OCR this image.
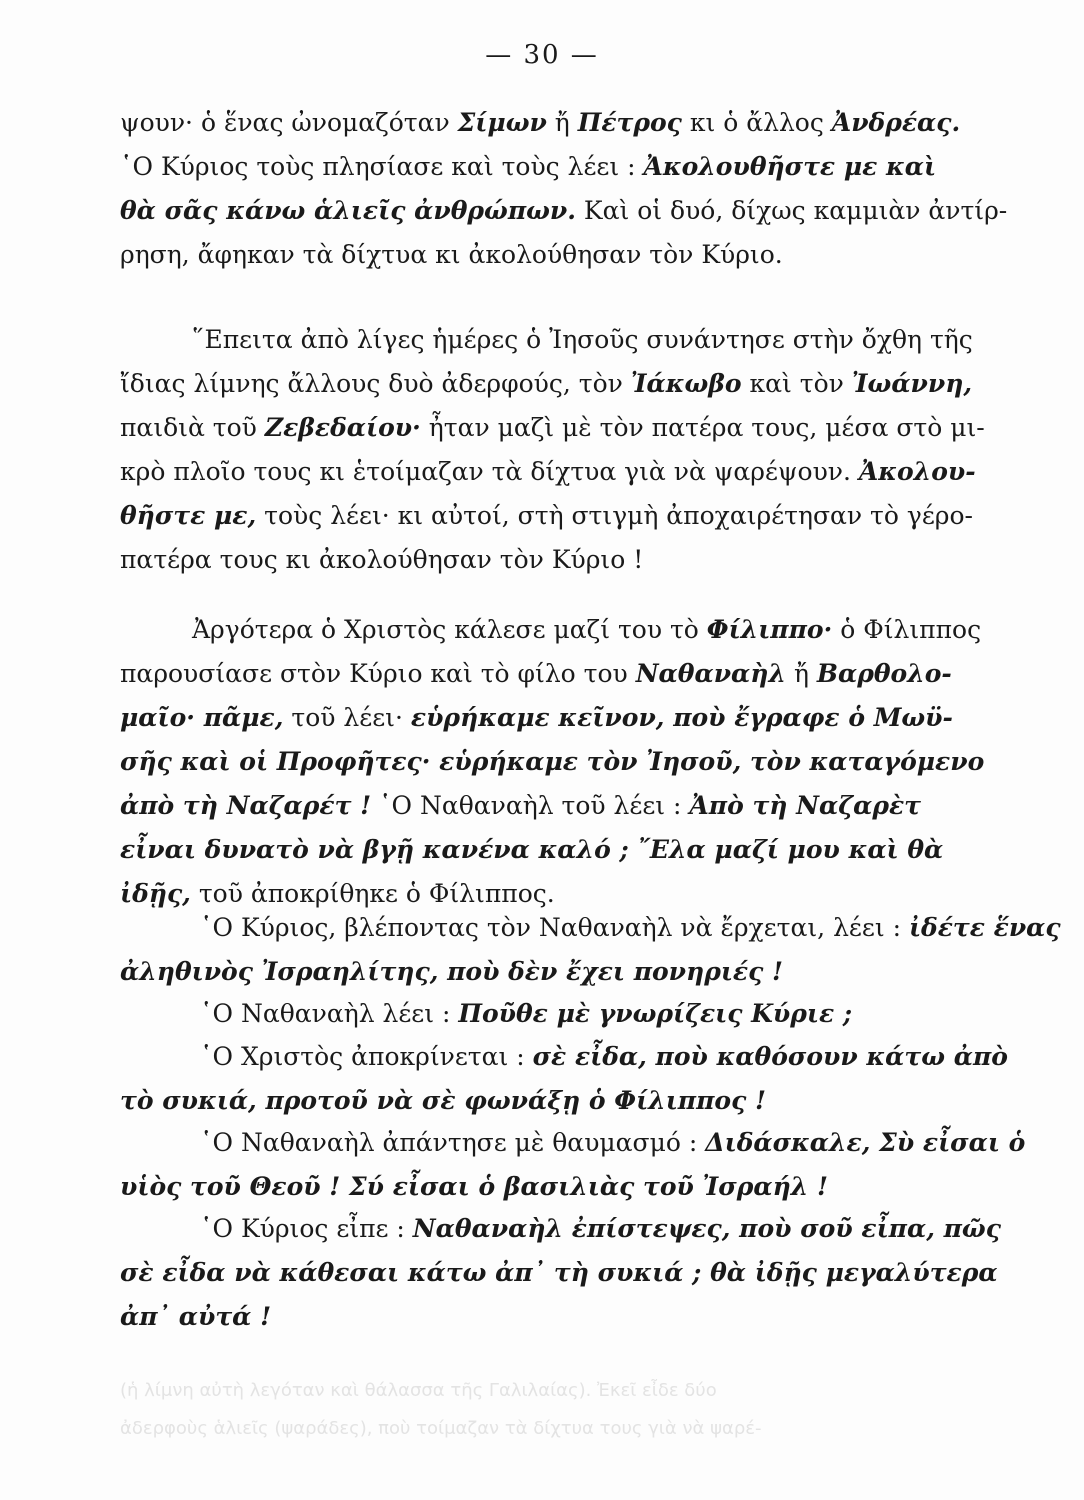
— 30 —
ψουν· ὁ ἕνας ὠνομαζόταν Σίμων ἤ Πέτρος κι ὁ ἄλλος Ἀνδρέας.
῾Ο Κύριος τοὺς πλησίασε καὶ τοὺς λέει : Ἀκολουθῆστε με καὶ
θὰ σᾶς κάνω ἁλιεῖς ἀνθρώπων. Καὶ οἱ δυό, δίχως καμμιὰν ἀντίρ-
ρηση, ἄφηκαν τὰ δίχτυα κι ἀκολούθησαν τὸν Κύριο.
῞Επειτα ἀπὸ λίγες ἡμέρες ὁ Ἰησοῦς συνάντησε στὴν ὄχθη τῆς
ἴδιας λίμνης ἄλλους δυὸ ἀδερφούς, τὸν Ἰάκωβο καὶ τὸν Ἰωάννη,
παιδιὰ τοῦ Ζεβεδαίου· ἦταν μαζὶ μὲ τὸν πατέρα τους, μέσα στὸ μι-
κρὸ πλοῖο τους κι ἑτοίμαζαν τὰ δίχτυα γιὰ νὰ ψαρέψουν. Ἀκολου-
θῆστε με, τοὺς λέει· κι αὐτοί, στὴ στιγμὴ ἀποχαιρέτησαν τὸ γέρο-
πατέρα τους κι ἀκολούθησαν τὸν Κύριο !
Ἀργότερα ὁ Χριστὸς κάλεσε μαζί του τὸ Φίλιππο· ὁ Φίλιππος
παρουσίασε στὸν Κύριο καὶ τὸ φίλο του Ναθαναὴλ ἤ Βαρθολο-
μαῖο· πᾶμε, τοῦ λέει· εὑρήκαμε κεῖνον, ποὺ ἔγραφε ὁ Μωϋ-
σῆς καὶ οἱ Προφῆτες· εὑρήκαμε τὸν Ἰησοῦ, τὸν καταγόμενο
ἀπὸ τὴ Ναζαρέτ ! ῾Ο Ναθαναὴλ τοῦ λέει : Ἀπὸ τὴ Ναζαρὲτ
εἶναι δυνατὸ νὰ βγῇ κανένα καλό ; ῎Ελα μαζί μου καὶ θὰ
ἰδῇς, τοῦ ἀποκρίθηκε ὁ Φίλιππος.
῾Ο Κύριος, βλέποντας τὸν Ναθαναὴλ νὰ ἔρχεται, λέει : ἰδέτε ἕνας
ἀληθινὸς Ἰσραηλίτης, ποὺ δὲν ἔχει πονηριές !
῾Ο Ναθαναὴλ λέει : Ποῦθε μὲ γνωρίζεις Κύριε ;
῾Ο Χριστὸς ἀποκρίνεται : σὲ εἶδα, ποὺ καθόσουν κάτω ἀπὸ
τὸ συκιά, προτοῦ νὰ σὲ φωνάξῃ ὁ Φίλιππος !
῾Ο Ναθαναὴλ ἀπάντησε μὲ θαυμασμό : Διδάσκαλε, Σὺ εἶσαι ὁ
υἱὸς τοῦ Θεοῦ ! Σύ εἶσαι ὁ βασιλιὰς τοῦ Ἰσραήλ !
῾Ο Κύριος εἶπε : Ναθαναὴλ ἐπίστεψες, ποὺ σοῦ εἶπα, πῶς
σὲ εἶδα νὰ κάθεσαι κάτω ἀπ᾿ τὴ συκιά ; θὰ ἰδῇς μεγαλύτερα
ἀπ᾿ αὐτά !
(ἡ λίμνη αὐτὴ λεγόταν καὶ θάλασσα τῆς Γαλιλαίας). Ἐκεῖ εἶδε δύο
ἀδερφοὺς ἁλιεῖς (ψαράδες), ποὺ τοίμαζαν τὰ δίχτυα τους γιὰ νὰ ψαρέ-
